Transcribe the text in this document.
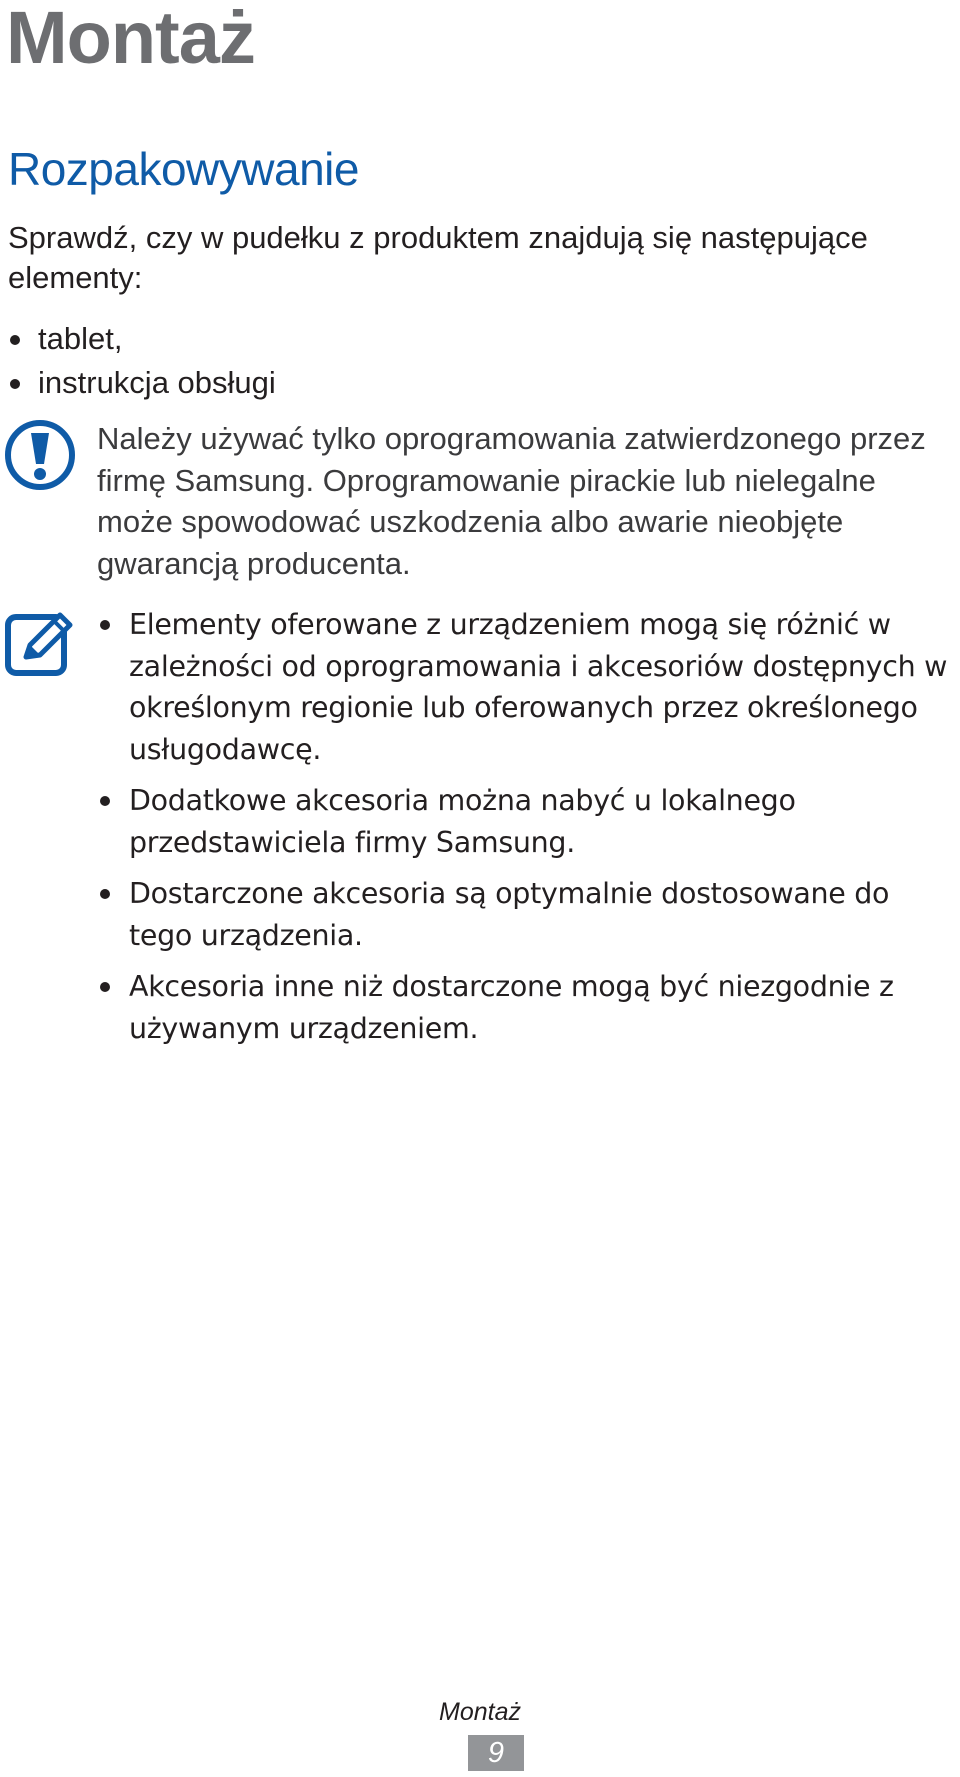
Montaż
Rozpakowywanie

Sprawdź, czy w pudełku z produktem znajdują się następujące elementy:

tablet,
instrukcja obsługi

Należy używać tylko oprogramowania zatwierdzonego przez firmę Samsung. Oprogramowanie pirackie lub nielegalne może spowodować uszkodzenia albo awarie nieobjęte gwarancją producenta.

Elementy oferowane z urządzeniem mogą się różnić w zależności od oprogramowania i akcesoriów dostępnych w określonym regionie lub oferowanych przez określonego usługodawcę.
Dodatkowe akcesoria można nabyć u lokalnego przedstawiciela firmy Samsung.
Dostarczone akcesoria są optymalnie dostosowane do tego urządzenia.
Akcesoria inne niż dostarczone mogą być niezgodnie z używanym urządzeniem.
Montaż
9
